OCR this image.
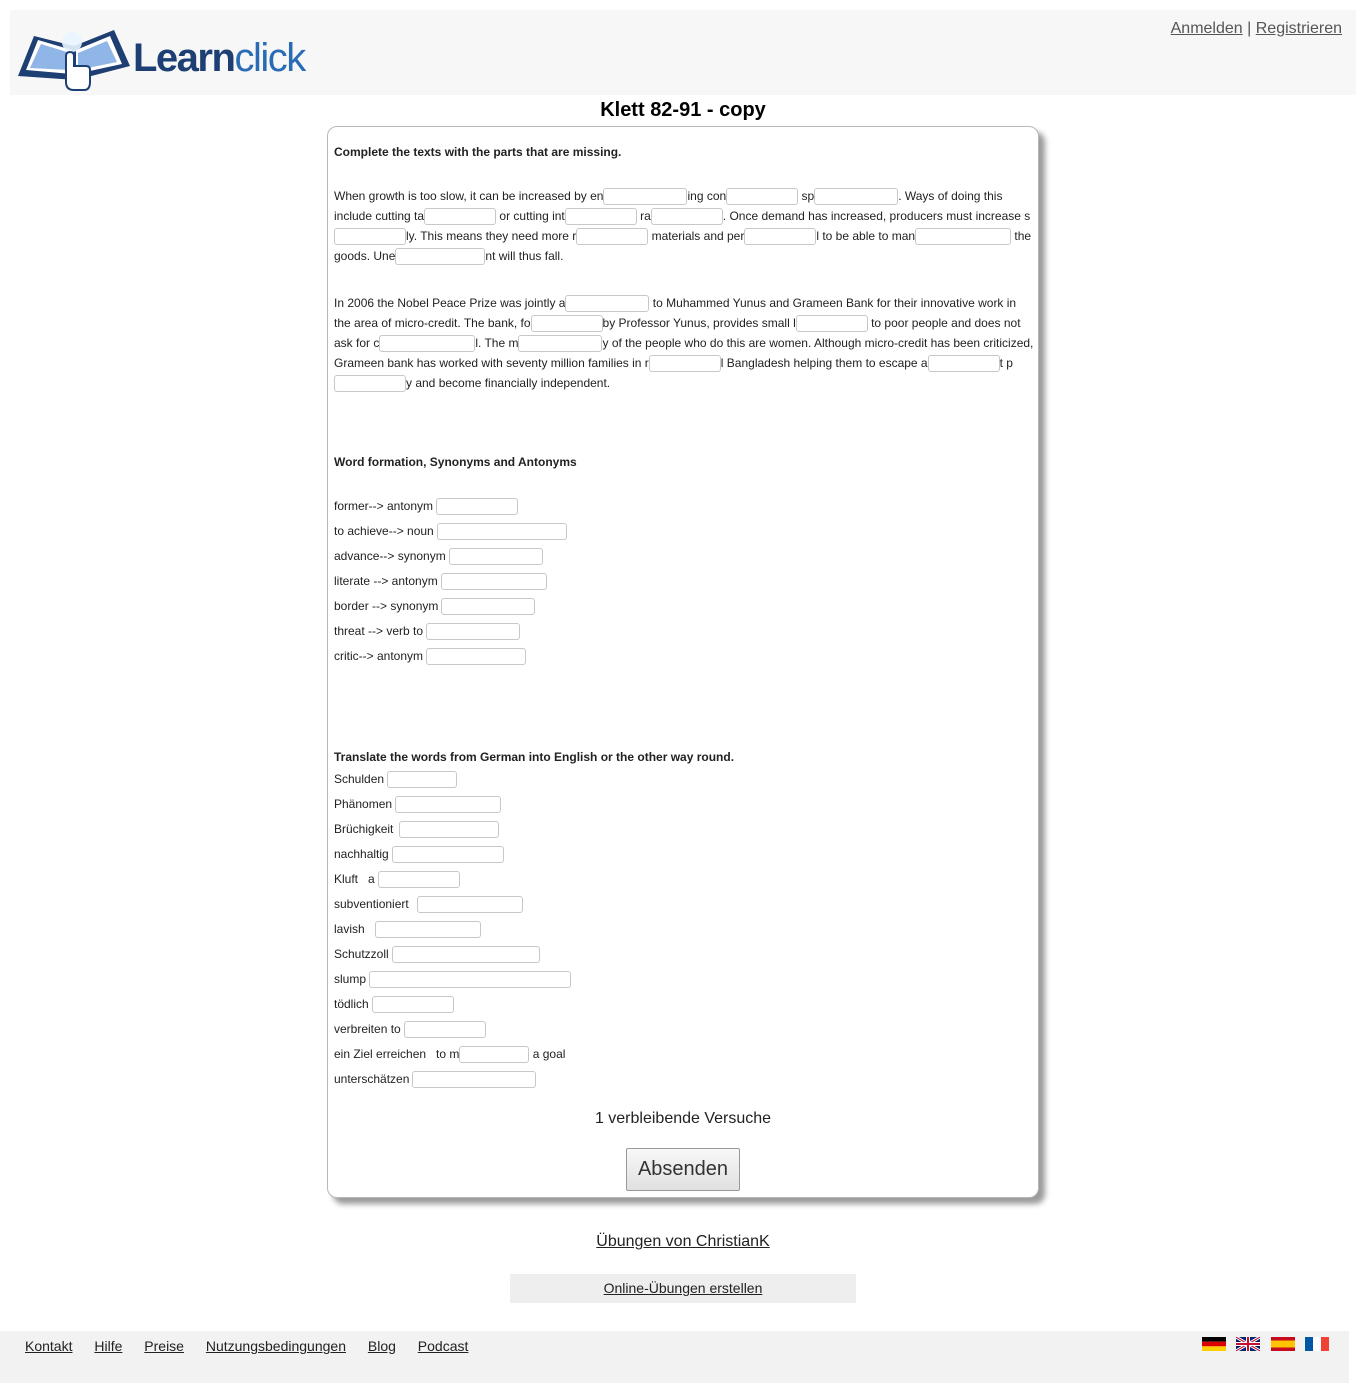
Learnclick
Anmelden | Registrieren
Klett 82-91 - copy

Complete the texts with the parts that are missing.

When growth is too slow, it can be increased by en	ing con	sp	. Ways of doing this include cutting ta	or cutting int	ra	. Once demand has increased, producers must increase sly. This means they need more r	materials and per	l to be able to man	the goods. Une	nt will thus fall.

In 2006 the Nobel Peace Prize was jointly a	to Muhammed Yunus and Grameen Bank for their innovative work in the area of micro-credit. The bank, fo	by Professor Yunus, provides small l	to poor people and does not ask for c	l. The m	y of the people who do this are women. Although micro-credit has been criticized, Grameen bank has worked with seventy million families in r	l Bangladesh helping them to escape a	t py and become financially independent.

Word formation, Synonyms and Antonyms

former--> antonym
to achieve--> noun
advance--> synonym
literate --> antonym
border --> synonym
threat --> verb to
critic--> antonym

Translate the words from German into English or the other way round.

Schulden
Phänomen
Brüchigkeit
nachhaltig
Kluft   a
subventioniert
lavish
Schutzzoll
slump
tödlich
verbreiten to
ein Ziel erreichen   to m	a goal
unterschätzen
1 verbleibende Versuche
Absenden
Übungen von ChristianK
Online-Übungen erstellen
Kontakt Hilfe Preise Nutzungsbedingungen Blog Podcast
